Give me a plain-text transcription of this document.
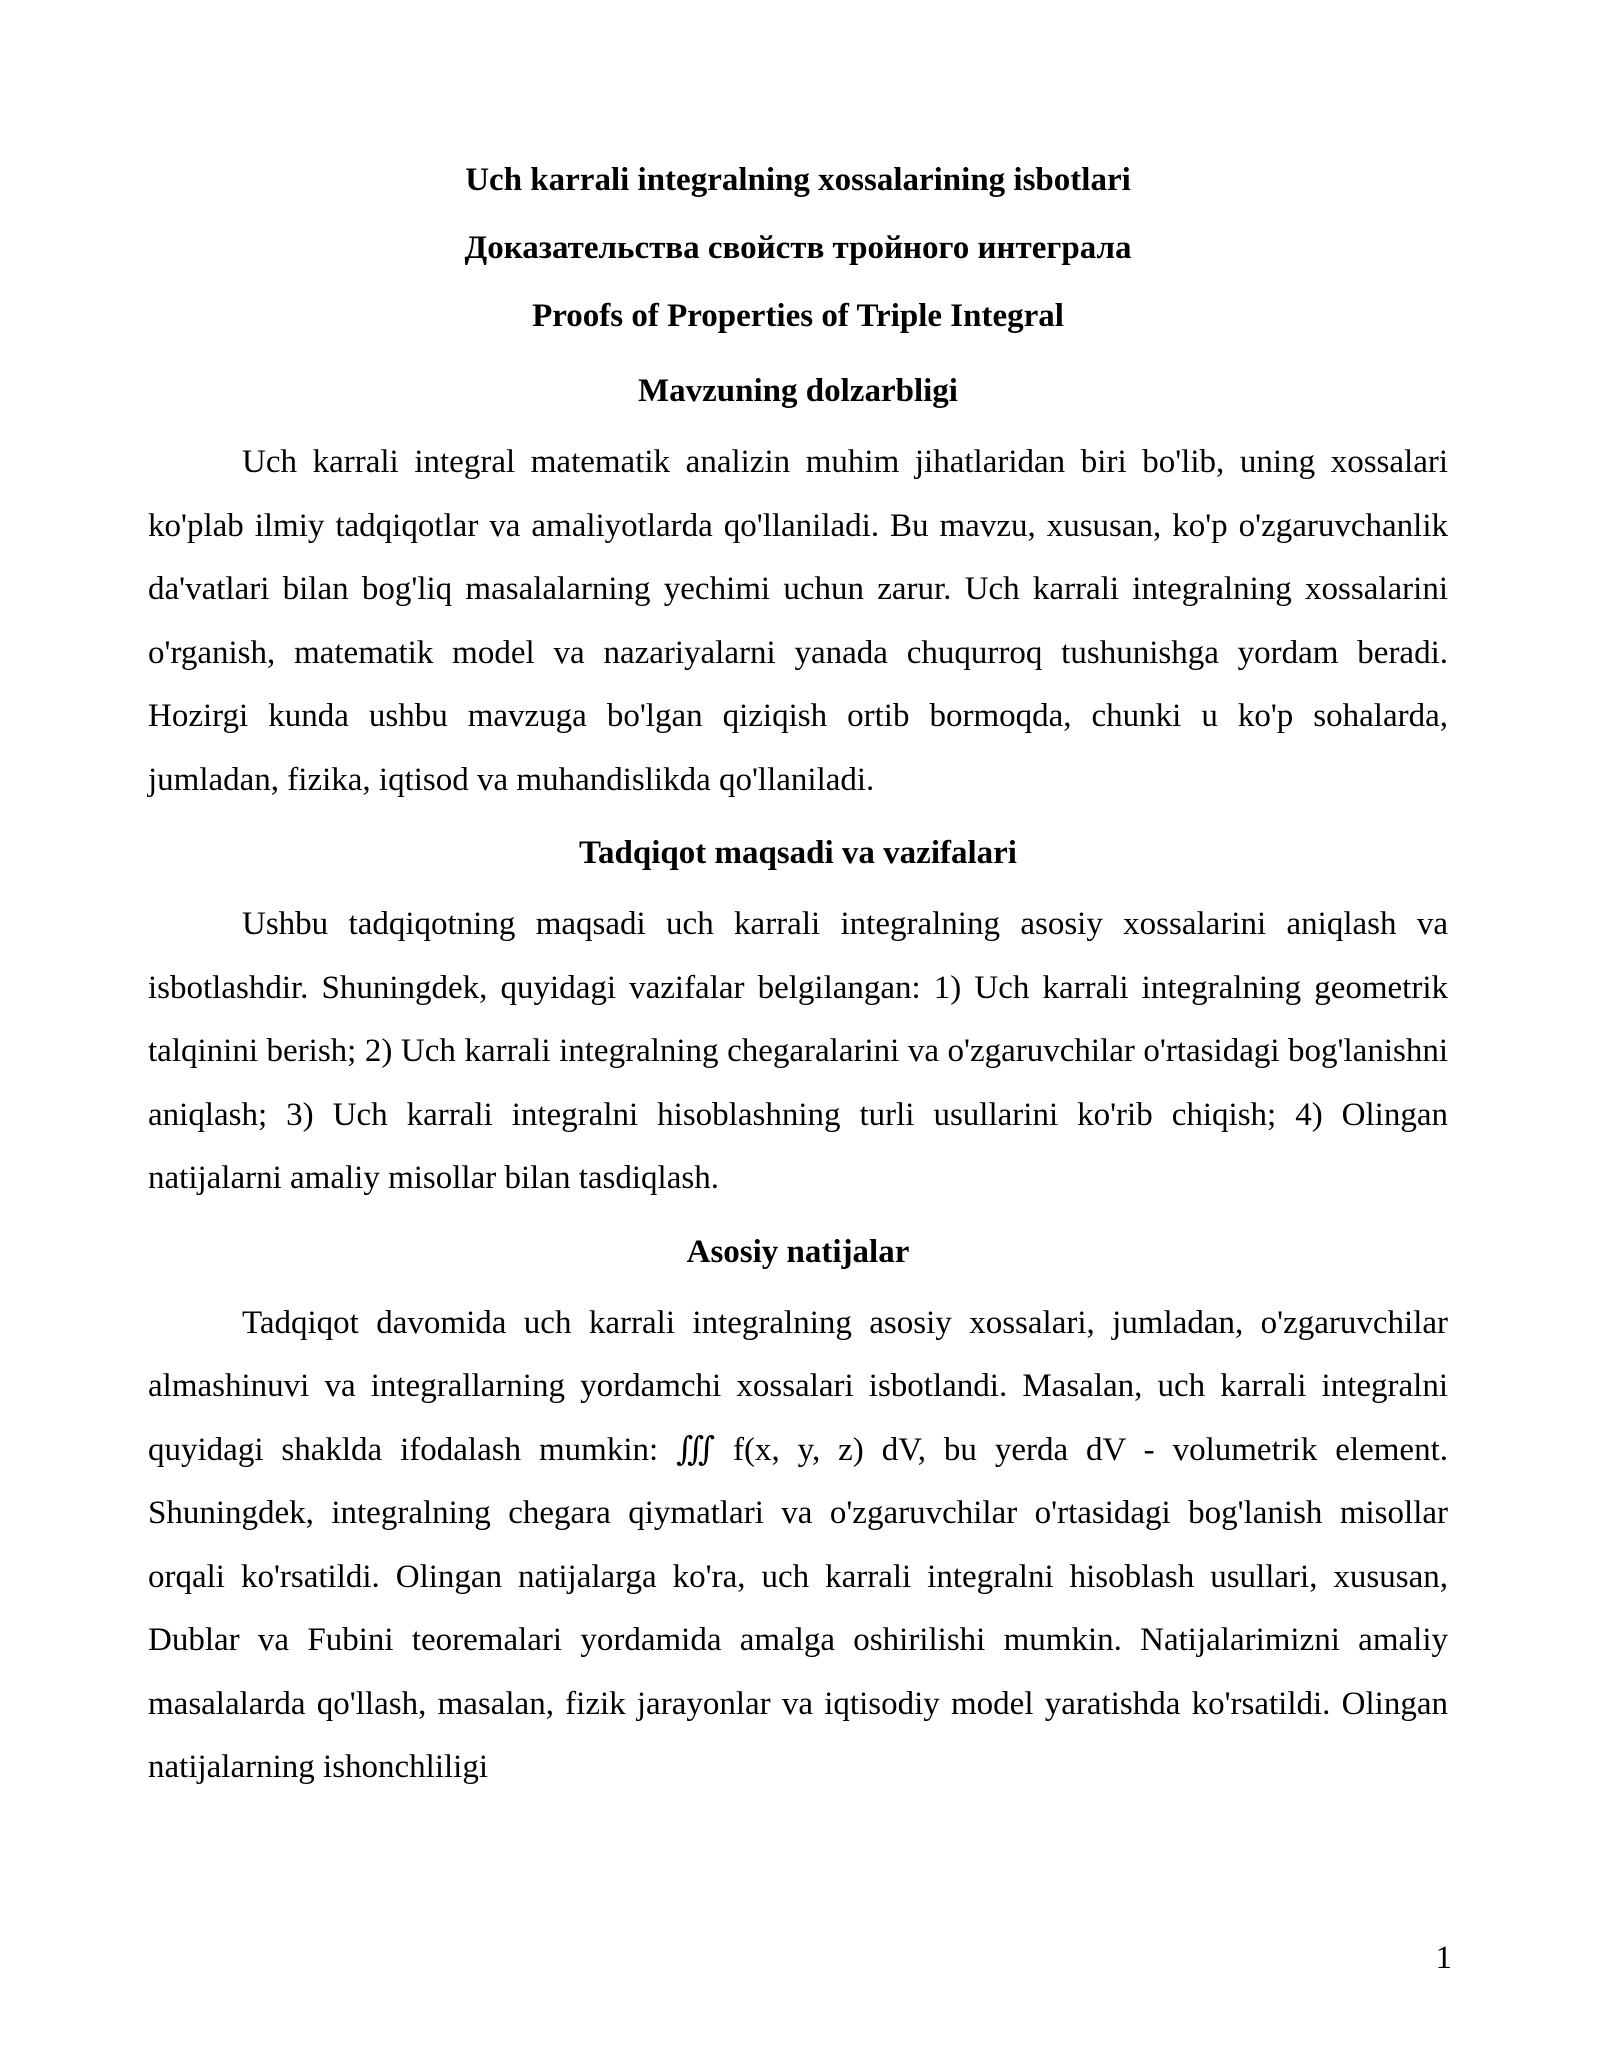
Uch karrali integralning xossalarining isbotlari

Доказательства свойств тройного интеграла

Proofs of Properties of Triple Integral

Mavzuning dolzarbligi

Uch karrali integral matematik analizin muhim jihatlaridan biri bo'lib, uning xossalari ko'plab ilmiy tadqiqotlar va amaliyotlarda qo'llaniladi. Bu mavzu, xususan, ko'p o'zgaruvchanlik da'vatlari bilan bog'liq masalalarning yechimi uchun zarur. Uch karrali integralning xossalarini o'rganish, matematik model va nazariyalarni yanada chuqurroq tushunishga yordam beradi. Hozirgi kunda ushbu mavzuga bo'lgan qiziqish ortib bormoqda, chunki u ko'p sohalarda, jumladan, fizika, iqtisod va muhandislikda qo'llaniladi.

Tadqiqot maqsadi va vazifalari

Ushbu tadqiqotning maqsadi uch karrali integralning asosiy xossalarini aniqlash va isbotlashdir. Shuningdek, quyidagi vazifalar belgilangan: 1) Uch karrali integralning geometrik talqinini berish; 2) Uch karrali integralning chegaralarini va o'zgaruvchilar o'rtasidagi bog'lanishni aniqlash; 3) Uch karrali integralni hisoblashning turli usullarini ko'rib chiqish; 4) Olingan natijalarni amaliy misollar bilan tasdiqlash.

Asosiy natijalar

Tadqiqot davomida uch karrali integralning asosiy xossalari, jumladan, o'zgaruvchilar almashinuvi va integrallarning yordamchi xossalari isbotlandi. Masalan, uch karrali integralni quyidagi shaklda ifodalash mumkin: ∭ f(x, y, z) dV, bu yerda dV - volumetrik element. Shuningdek, integralning chegara qiymatlari va o'zgaruvchilar o'rtasidagi bog'lanish misollar orqali ko'rsatildi. Olingan natijalarga ko'ra, uch karrali integralni hisoblash usullari, xususan, Dublar va Fubini teoremalari yordamida amalga oshirilishi mumkin. Natijalarimizni amaliy masalalarda qo'llash, masalan, fizik jarayonlar va iqtisodiy model yaratishda ko'rsatildi. Olingan natijalarning ishonchliligi

1
